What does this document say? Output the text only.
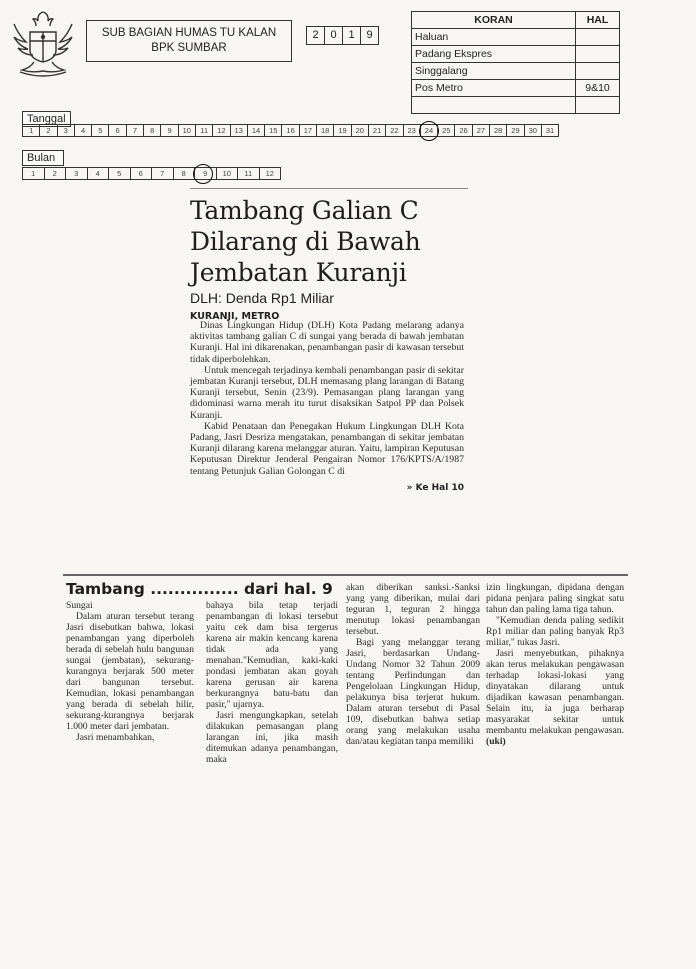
SUB BAGIAN HUMAS TU KALAN
BPK SUMBAR
2	0	1	9
KORAN	HAL
Haluan	
Padang Ekspres	
Singgalang	
Pos Metro	9&10

Tanggal
1	2	3	4	5	6	7	8	9	10	11	12	13	14	15	16	17	18	19	20	21	22	23	24	25	26	27	28	29	30	31
Bulan
1	2	3	4	5	6	7	8	9	10	11	12
Tambang Galian C
Dilarang di Bawah
Jembatan Kuranji
DLH: Denda Rp1 Miliar
KURANJI, METRO

Dinas Lingkungan Hidup (DLH) Kota Padang melarang adanya aktivitas tambang galian C di sungai yang berada di bawah jembatan Kuranji. Hal ini dikarenakan, penambangan pasir di kawasan tersebut tidak diperbolehkan.

Untuk mencegah terjadinya kembali penambangan pasir di sekitar jembatan Kuranji tersebut, DLH memasang plang larangan di Batang Kuranji tersebut, Senin (23/9). Pemasangan plang larangan yang didominasi warna merah itu turut disaksikan Satpol PP dan Polsek Kuranji.

Kabid Penataan dan Penegakan Hukum Lingkungan DLH Kota Padang, Jasri Desriza mengatakan, penambangan di sekitar jembatan Kuranji dilarang karena melanggar aturan. Yaitu, lampiran Keputusan Keputusan Direktur Jenderal Pengairan Nomor 176/KPTS/A/1987 tentang Petunjuk Galian Golongan C di

» Ke Hal 10
Tambang ............... dari hal. 9
Sungai
Dalam aturan tersebut terang Jasri disebutkan bahwa, lokasi penambangan yang diperboleh berada di sebelah hulu bangunan sungai (jembatan), sekurang-kurangnya berjarak 500 meter dari bangunan tersebut. Kemudian, lokasi penambangan yang berada di sebelah hilir, sekurang-kurangnya berjarak 1.000 meter dari jembatan.
Jasri menambahkan,
bahaya bila tetap terjadi penambangan di lokasi tersebut yaitu cek dam bisa tergerus karena air makin kencang karena tidak ada yang menahan."Kemudian, kaki-kaki pondasi jembatan akan goyah karena gerusan air karena berkurangnya batu-batu dan pasir," ujarnya.
Jasri mengungkapkan, setelah dilakukan pemasangan plang larangan ini, jika masih ditemukan adanya penambangan, maka
akan diberikan sanksi.-Sanksi yang yang diberikan, mulai dari teguran 1, teguran 2 hingga menutup lokasi penambangan tersebut.
Bagi yang melanggar terang Jasri, berdasarkan Undang-Undang Nomor 32 Tahun 2009 tentang Perlindungan dan Pengelolaan Lingkungan Hidup, pelakunya bisa terjerat hukum. Dalam aturan tersebut di Pasal 109, disebutkan bahwa setiap orang yang melakukan usaha dan/atau kegiatan tanpa memiliki
izin lingkungan, dipidana dengan pidana penjara paling singkat satu tahun dan paling lama tiga tahun.
"Kemudian denda paling sedikit Rp1 miliar dan paling banyak Rp3 miliar," tukas Jasri.
Jasri menyebutkan, pihaknya akan terus melakukan pengawasan terhadap lokasi-lokasi yang dinyatakan dilarang untuk dijadikan kawasan penambangan. Selain itu, ia juga berharap masyarakat sekitar untuk membantu melakukan pengawasan. (uki)
